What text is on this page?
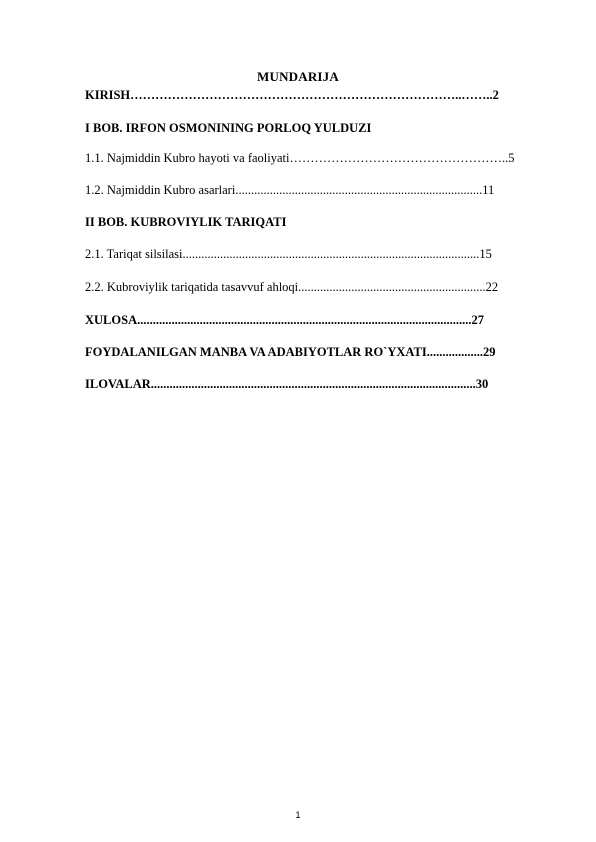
MUNDARIJA
KIRISH……………………………………………………………………..……..2
I BOB. IRFON OSMONINING PORLOQ YULDUZI
1.1. Najmiddin Kubro hayoti va faoliyati……………………………………………..5
1.2. Najmiddin Kubro asarlari...............................................................................11
II BOB. KUBROVIYLIK TARIQATI
2.1. Tariqat silsilasi...............................................................................................15
2.2. Kubroviylik tariqatida tasavvuf ahloqi............................................................22
XULOSA...........................................................................................................27
FOYDALANILGAN MANBA VA ADABIYOTLAR RO`YXATI..................29
ILOVALAR........................................................................................................30
1
